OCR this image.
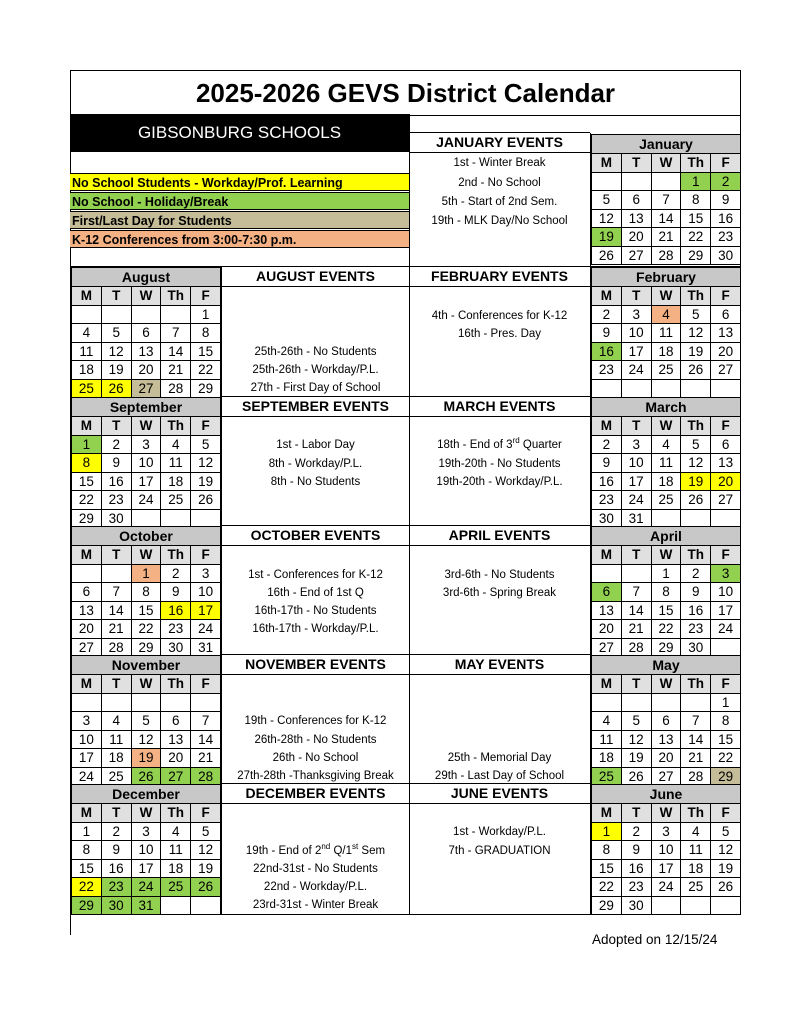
2025-2026 GEVS District Calendar
GIBSONBURG SCHOOLS
No School Students - Workday/Prof. Learning
No School - Holiday/Break
First/Last Day for Students
K-12 Conferences from 3:00-7:30 p.m.
August
M	T	W	Th	F
				1
4	5	6	7	8
11	12	13	14	15
18	19	20	21	22
25	26	27	28	29
September
M	T	W	Th	F
1	2	3	4	5
8	9	10	11	12
15	16	17	18	19
22	23	24	25	26
29	30			
October
M	T	W	Th	F
		1	2	3
6	7	8	9	10
13	14	15	16	17
20	21	22	23	24
27	28	29	30	31
November
M	T	W	Th	F

3	4	5	6	7
10	11	12	13	14
17	18	19	20	21
24	25	26	27	28
December
M	T	W	Th	F
1	2	3	4	5
8	9	10	11	12
15	16	17	18	19
22	23	24	25	26
29	30	31		
January
M	T	W	Th	F
			1	2
5	6	7	8	9
12	13	14	15	16
19	20	21	22	23
26	27	28	29	30
February
M	T	W	Th	F
2	3	4	5	6
9	10	11	12	13
16	17	18	19	20
23	24	25	26	27

March
M	T	W	Th	F
2	3	4	5	6
9	10	11	12	13
16	17	18	19	20
23	24	25	26	27
30	31			
April
M	T	W	Th	F
		1	2	3
6	7	8	9	10
13	14	15	16	17
20	21	22	23	24
27	28	29	30	
May
M	T	W	Th	F
				1
4	5	6	7	8
11	12	13	14	15
18	19	20	21	22
25	26	27	28	29
June
M	T	W	Th	F
1	2	3	4	5
8	9	10	11	12
15	16	17	18	19
22	23	24	25	26
29	30			
JANUARY EVENTS
1st - Winter Break
2nd - No School
5th - Start of 2nd Sem.
19th - MLK Day/No School
AUGUST EVENTS
25th-26th - No Students
25th-26th - Workday/P.L.
27th - First Day of School
FEBRUARY EVENTS
4th - Conferences for K-12
16th - Pres. Day
SEPTEMBER EVENTS
1st - Labor Day
8th - Workday/P.L.
8th - No Students
MARCH EVENTS
18th - End of 3rd Quarter
19th-20th - No Students
19th-20th - Workday/P.L.
OCTOBER EVENTS
1st - Conferences for K-12
16th - End of 1st Q
16th-17th - No Students
16th-17th - Workday/P.L.
APRIL EVENTS
3rd-6th - No Students
3rd-6th - Spring Break
NOVEMBER EVENTS
19th - Conferences for K-12
26th-28th - No Students
26th - No School
27th-28th -Thanksgiving Break
MAY EVENTS
25th - Memorial Day
29th - Last Day of School
DECEMBER EVENTS
19th - End of 2nd Q/1st Sem
22nd-31st - No Students
22nd - Workday/P.L.
23rd-31st - Winter Break
JUNE EVENTS
1st - Workday/P.L.
7th - GRADUATION
Adopted on 12/15/24
